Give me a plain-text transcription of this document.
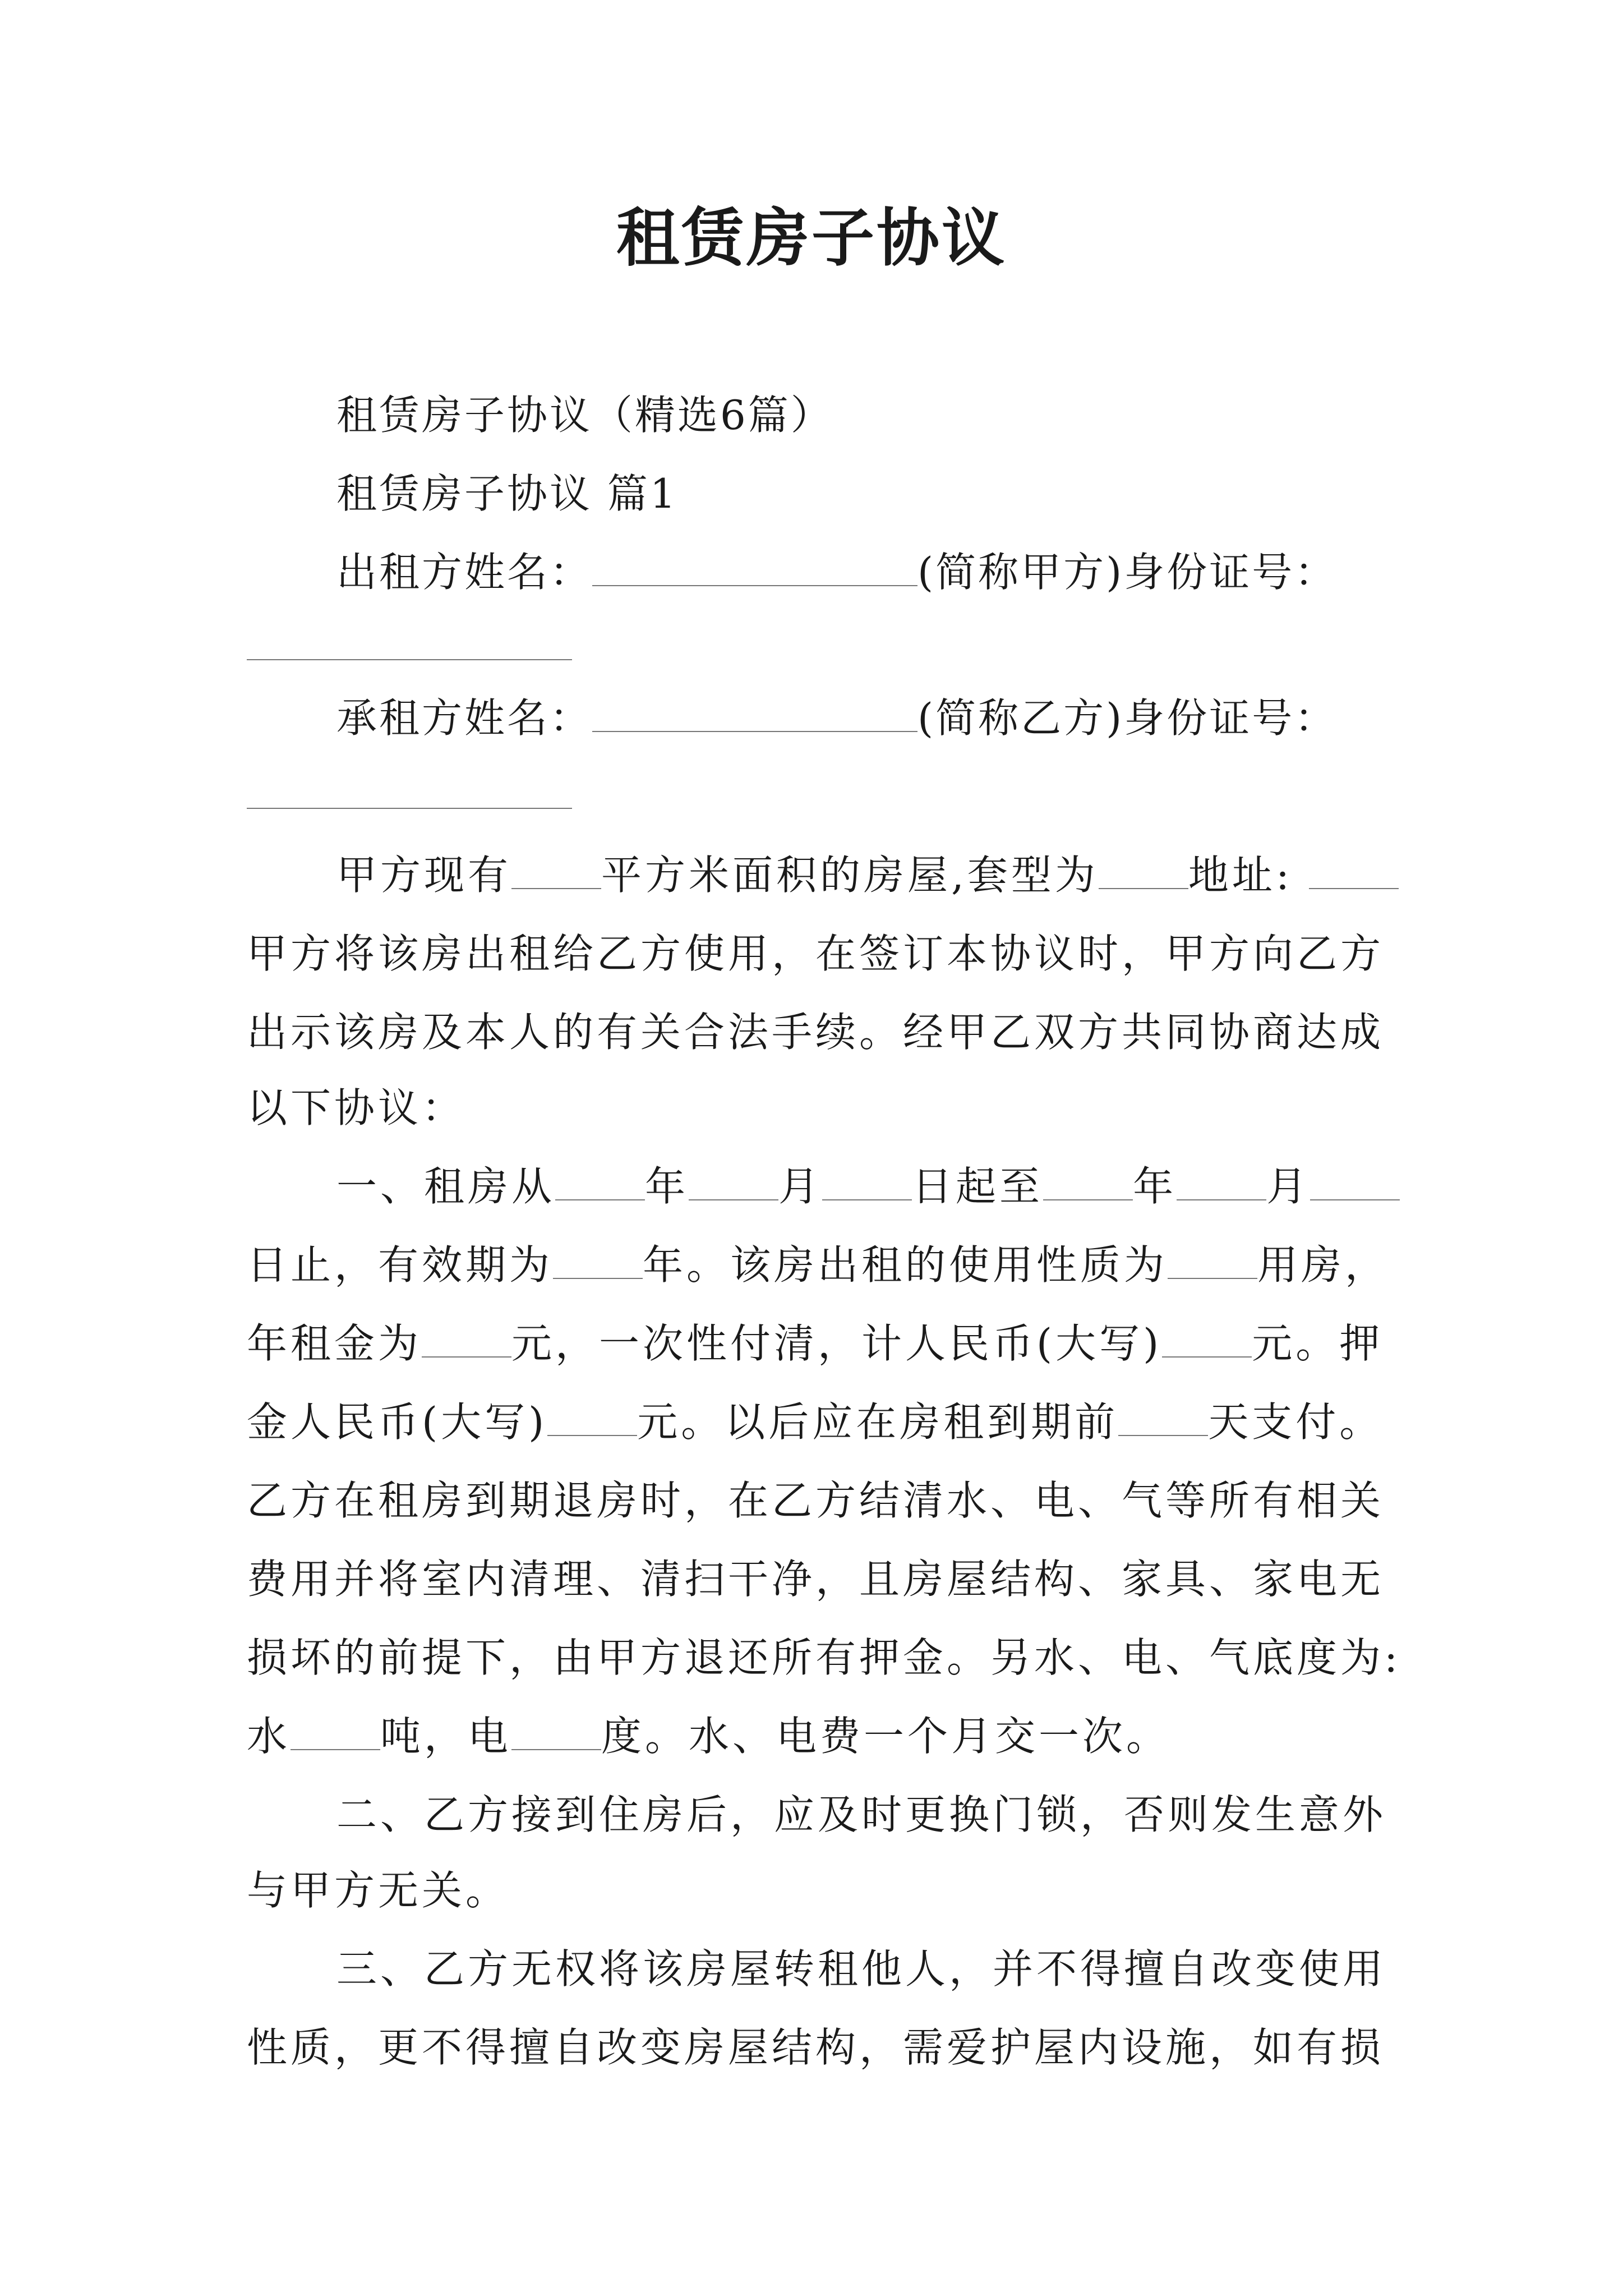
租赁房子协议
租赁房子协议（精选6篇）
租赁房子协议 篇1
出租方姓名：	(简称甲方)身份证号：
承租方姓名：	(简称乙方)身份证号：
甲方现有 平方米面积的房屋,套型为 地址:
甲方将该房出租给乙方使用，在签订本协议时，甲方向乙方
出示该房及本人的有关合法手续。经甲乙双方共同协商达成
以下协议：
一、租房从 年 月 日起至 年 月
日止，有效期为 年。该房出租的使用性质为 用房，
年租金为 元，一次性付清，计人民币(大写) 元。押
金人民币(大写) 元。以后应在房租到期前 天支付。
乙方在租房到期退房时，在乙方结清水、电、气等所有相关
费用并将室内清理、清扫干净，且房屋结构、家具、家电无
损坏的前提下，由甲方退还所有押金。另水、电、气底度为:
水 吨，电 度。水、电费一个月交一次。
二、乙方接到住房后，应及时更换门锁，否则发生意外
与甲方无关。
三、乙方无权将该房屋转租他人，并不得擅自改变使用
性质，更不得擅自改变房屋结构，需爱护屋内设施，如有损
